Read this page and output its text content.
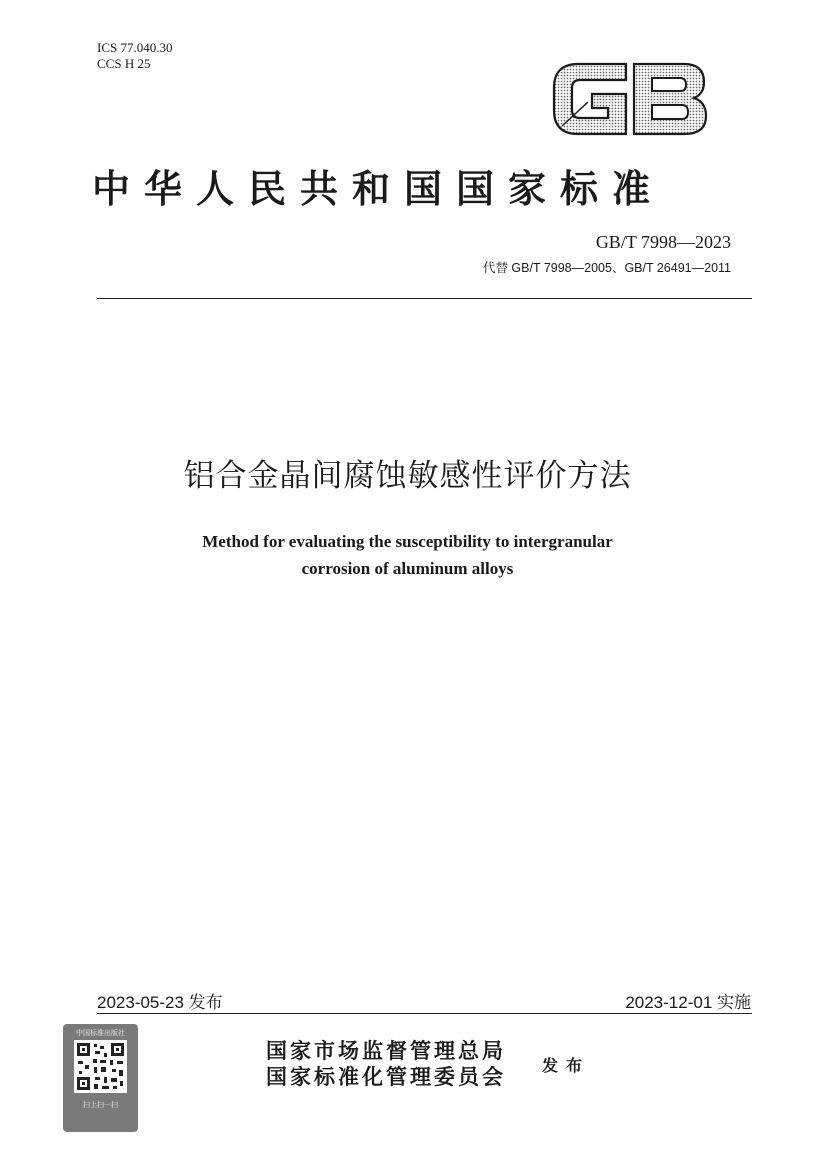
ICS 77.040.30
CCS H 25
中华人民共和国国家标准
GB/T 7998—2023
代替 GB/T 7998—2005、GB/T 26491—2011
铝合金晶间腐蚀敏感性评价方法
Method for evaluating the susceptibility to intergranular
corrosion of aluminum alloys
2023-05-23 发布	2023-12-01 实施
中国标准出版社
扫上扫一扫
国家市场监督管理总局
国家标准化管理委员会 发布
